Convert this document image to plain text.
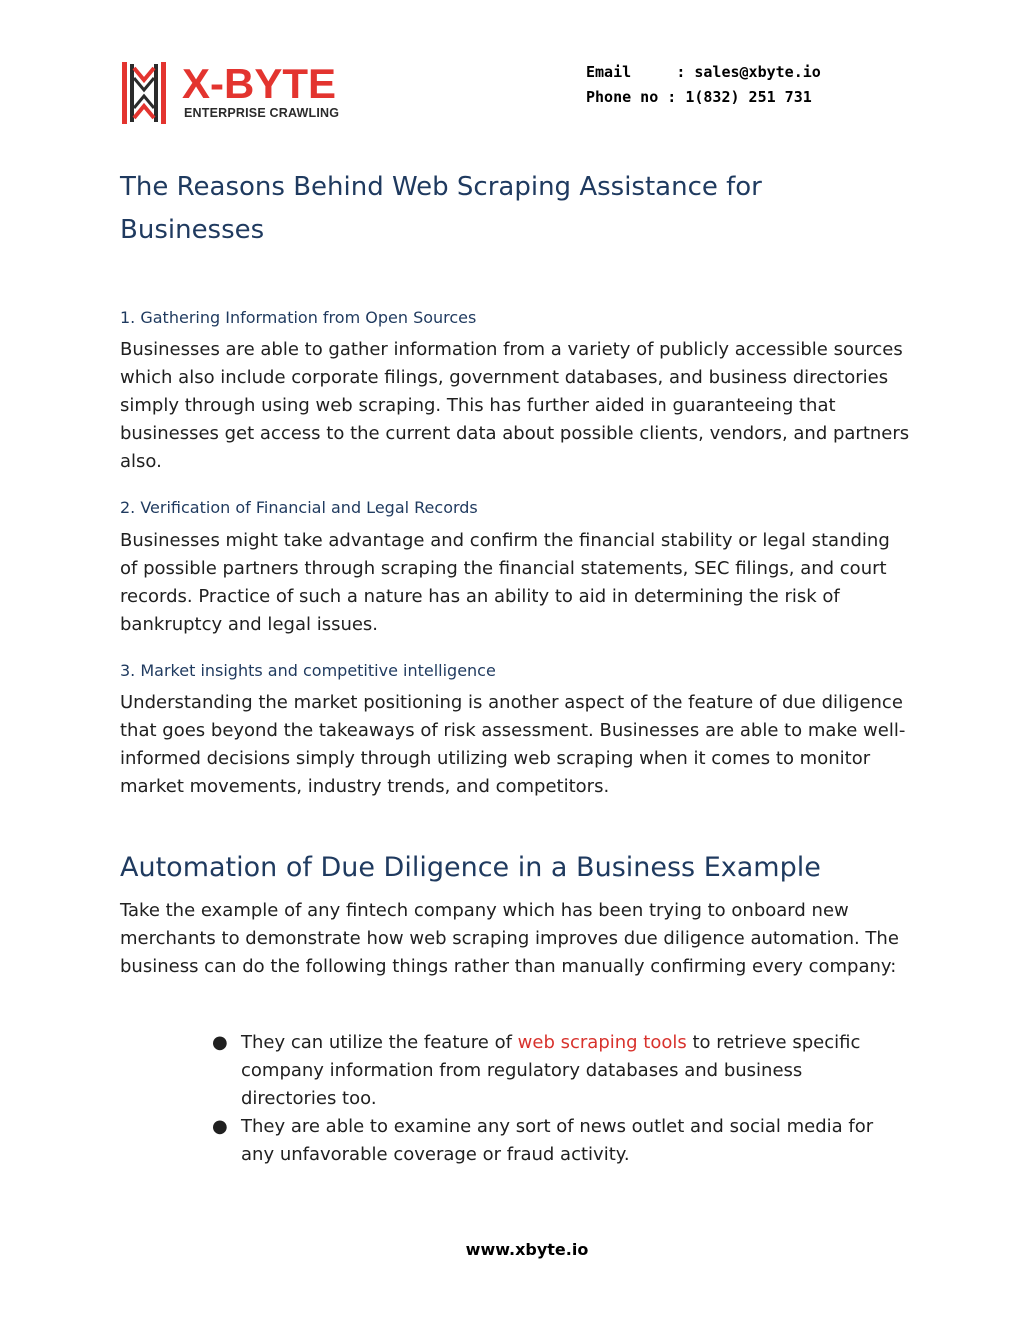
X-BYTE

ENTERPRISE CRAWLING

Email	: sales@xbyte.io
Phone no : 1(832) 251 731
The Reasons Behind Web Scraping Assistance for Businesses
1. Gathering Information from Open Sources

Businesses are able to gather information from a variety of publicly accessible sources which also include corporate filings, government databases, and business directories simply through using web scraping. This has further aided in guaranteeing that businesses get access to the current data about possible clients, vendors, and partners also.

2. Verification of Financial and Legal Records

Businesses might take advantage and confirm the financial stability or legal standing of possible partners through scraping the financial statements, SEC filings, and court records. Practice of such a nature has an ability to aid in determining the risk of bankruptcy and legal issues.

3. Market insights and competitive intelligence

Understanding the market positioning is another aspect of the feature of due diligence that goes beyond the takeaways of risk assessment. Businesses are able to make well-informed decisions simply through utilizing web scraping when it comes to monitor market movements, industry trends, and competitors.

Automation of Due Diligence in a Business Example

Take the example of any fintech company which has been trying to onboard new merchants to demonstrate how web scraping improves due diligence automation. The business can do the following things rather than manually confirming every company:

● They can utilize the feature of web scraping tools to retrieve specific company information from regulatory databases and business directories too.
● They are able to examine any sort of news outlet and social media for any unfavorable coverage or fraud activity.
www.xbyte.io
